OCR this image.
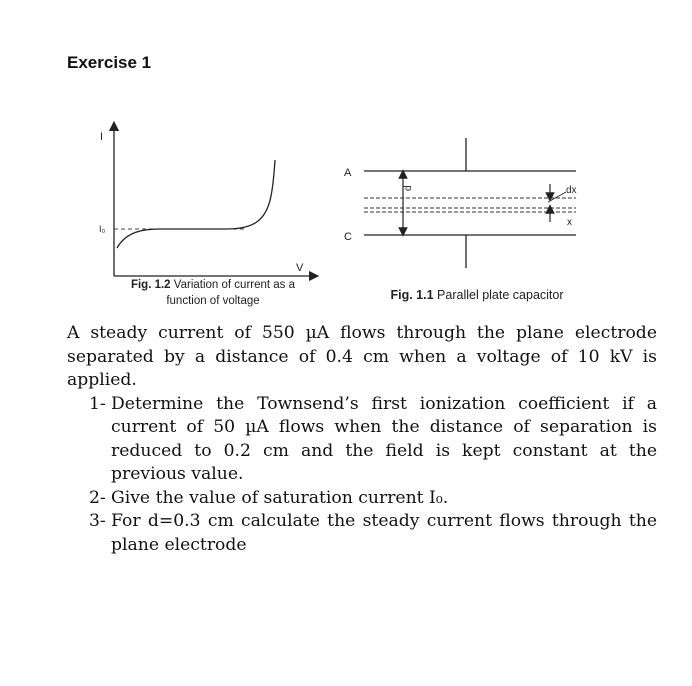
Exercise 1
I
V
I₀
A
C
d	dx
x
Fig. 1.2 Variation of current as a
function of voltage	Fig. 1.1 Parallel plate capacitor

A steady current of 550 µA flows through the plane electrode separated by a distance of 0.4 cm when a voltage of 10 kV is applied.

1- Determine the Townsend’s first ionization coefficient if a current of 50 µA flows when the distance of separation is reduced to 0.2 cm and the field is kept constant at the previous value.
2- Give the value of saturation current I₀.
3- For d=0.3 cm calculate the steady current flows through the plane electrode
